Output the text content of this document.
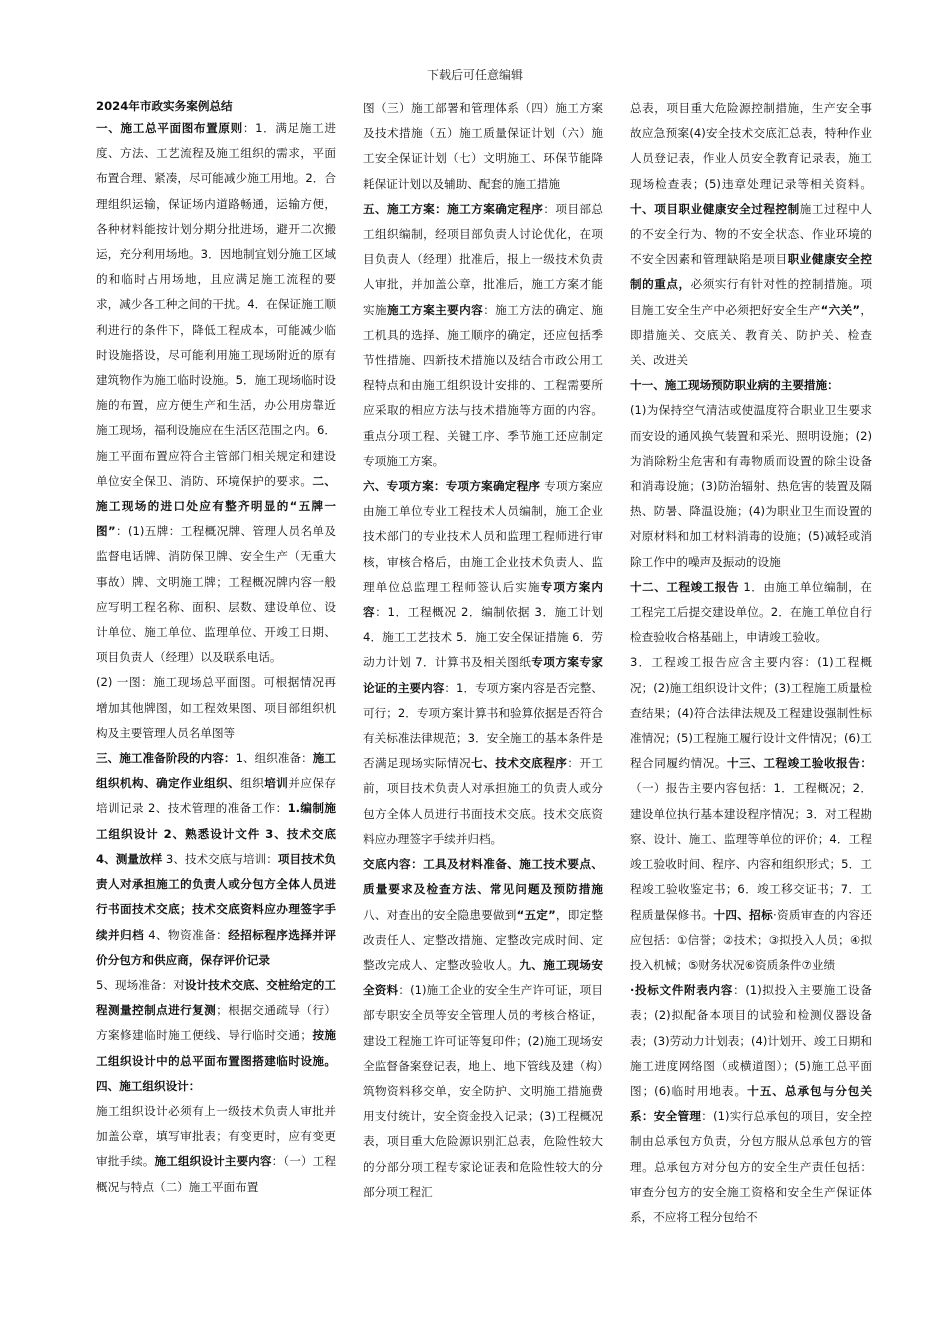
下载后可任意编辑

2024年市政实务案例总结

一、施工总平面图布置原则：1．满足施工进度、方法、工艺流程及施工组织的需求，平面布置合理、紧凑，尽可能减少施工用地。2．合理组织运输，保证场内道路畅通，运输方便，各种材料能按计划分期分批进场，避开二次搬运，充分利用场地。3．因地制宜划分施工区域的和临时占用场地，且应满足施工流程的要求，减少各工种之间的干扰。4．在保证施工顺利进行的条件下，降低工程成本，可能减少临时设施搭设，尽可能利用施工现场附近的原有建筑物作为施工临时设施。5．施工现场临时设施的布置，应方便生产和生活，办公用房靠近施工现场，福利设施应在生活区范围之内。6．施工平面布置应符合主管部门相关规定和建设单位安全保卫、消防、环境保护的要求。二、施工现场的进口处应有整齐明显的“五牌一图”：(1)五牌：工程概况牌、管理人员名单及监督电话牌、消防保卫牌、安全生产（无重大事故）牌、文明施工牌；工程概况牌内容一般应写明工程名称、面积、层数、建设单位、设计单位、施工单位、监理单位、开竣工日期、项目负责人（经理）以及联系电话。

(2) 一图：施工现场总平面图。可根据情况再增加其他牌图，如工程效果图、项目部组织机构及主要管理人员名单图等

三、施工准备阶段的内容：1、组织准备：施工组织机构、确定作业组织、组织培训并应保存培训记录 2、技术管理的准备工作：1.编制施工组织设计 2、熟悉设计文件 3、技术交底 4、测量放样 3、技术交底与培训：项目技术负责人对承担施工的负责人或分包方全体人员进行书面技术交底；技术交底资料应办理签字手续并归档 4、物资准备：经招标程序选择并评价分包方和供应商，保存评价记录

5、现场准备：对设计技术交底、交桩给定的工程测量控制点进行复测；根据交通疏导（行）方案修建临时施工便线、导行临时交通；按施工组织设计中的总平面布置图搭建临时设施。四、施工组织设计：

施工组织设计必须有上一级技术负责人审批并加盖公章，填写审批表；有变更时，应有变更审批手续。施工组织设计主要内容：（一）工程概况与特点（二）施工平面布置

图（三）施工部署和管理体系（四）施工方案及技术措施（五）施工质量保证计划（六）施工安全保证计划（七）文明施工、环保节能降耗保证计划以及辅助、配套的施工措施

五、施工方案：施工方案确定程序：项目部总工组织编制，经项目部负责人讨论优化，在项目负责人（经理）批准后，报上一级技术负责人审批，并加盖公章，批准后，施工方案才能实施施工方案主要内容：施工方法的确定、施工机具的选择、施工顺序的确定，还应包括季节性措施、四新技术措施以及结合市政公用工程特点和由施工组织设计安排的、工程需要所应采取的相应方法与技术措施等方面的内容。重点分项工程、关键工序、季节施工还应制定专项施工方案。

六、专项方案：专项方案确定程序 专项方案应由施工单位专业工程技术人员编制，施工企业技术部门的专业技术人员和监理工程师进行审核，审核合格后，由施工企业技术负责人、监理单位总监理工程师签认后实施专项方案内容：1．工程概况 2．编制依据 3．施工计划 4．施工工艺技术 5．施工安全保证措施 6．劳动力计划 7．计算书及相关图纸专项方案专家论证的主要内容：1．专项方案内容是否完整、可行；2．专项方案计算书和验算依据是否符合有关标准法律规范；3．安全施工的基本条件是否满足现场实际情况七、技术交底程序：开工前，项目技术负责人对承担施工的负责人或分包方全体人员进行书面技术交底。技术交底资料应办理签字手续并归档。

交底内容：工具及材料准备、施工技术要点、质量要求及检查方法、常见问题及预防措施八、对查出的安全隐患要做到“五定”，即定整改责任人、定整改措施、定整改完成时间、定整改完成人、定整改验收人。九、施工现场安全资料：(1)施工企业的安全生产许可证，项目部专职安全员等安全管理人员的考核合格证，建设工程施工许可证等复印件；(2)施工现场安全监督备案登记表，地上、地下管线及建（构）筑物资料移交单，安全防护、文明施工措施费用支付统计，安全资金投入记录；(3)工程概况表，项目重大危险源识别汇总表，危险性较大的分部分项工程专家论证表和危险性较大的分部分项工程汇

总表，项目重大危险源控制措施，生产安全事故应急预案(4)安全技术交底汇总表，特种作业人员登记表，作业人员安全教育记录表，施工现场检查表；(5)违章处理记录等相关资料。十、项目职业健康安全过程控制施工过程中人的不安全行为、物的不安全状态、作业环境的不安全因素和管理缺陷是项目职业健康安全控制的重点，必须实行有针对性的控制措施。项目施工安全生产中必须把好安全生产“六关”，即措施关、交底关、教育关、防护关、检查关、改进关

十一、施工现场预防职业病的主要措施：
(1)为保持空气清洁或使温度符合职业卫生要求而安设的通风换气装置和采光、照明设施；(2)为消除粉尘危害和有毒物质而设置的除尘设备和消毒设施；(3)防治辐射、热危害的装置及隔热、防暑、降温设施；(4)为职业卫生而设置的对原材料和加工材料消毒的设施；(5)减轻或消除工作中的噪声及振动的设施

十二、工程竣工报告 1．由施工单位编制，在工程完工后提交建设单位。2．在施工单位自行检查验收合格基础上，申请竣工验收。

3．工程竣工报告应含主要内容：(1)工程概况；(2)施工组织设计文件；(3)工程施工质量检查结果；(4)符合法律法规及工程建设强制性标准情况；(5)工程施工履行设计文件情况；(6)工程合同履约情况。十三、工程竣工验收报告：（一）报告主要内容包括：1．工程概况；2．建设单位执行基本建设程序情况；3．对工程勘察、设计、施工、监理等单位的评价；4．工程竣工验收时间、程序、内容和组织形式；5．工程竣工验收鉴定书；6．竣工移交证书；7．工程质量保修书。十四、招标·资质审查的内容还应包括：①信誉；②技术；③拟投入人员；④拟投入机械；⑤财务状况⑥资质条件⑦业绩

·投标文件附表内容：(1)拟投入主要施工设备表；(2)拟配备本项目的试验和检测仪器设备表；(3)劳动力计划表；(4)计划开、竣工日期和施工进度网络图（或横道图）；(5)施工总平面图；(6)临时用地表。十五、总承包与分包关系：安全管理：(1)实行总承包的项目，安全控制由总承包方负责，分包方服从总承包方的管理。总承包方对分包方的安全生产责任包括：审查分包方的安全施工资格和安全生产保证体系，不应将工程分包给不
